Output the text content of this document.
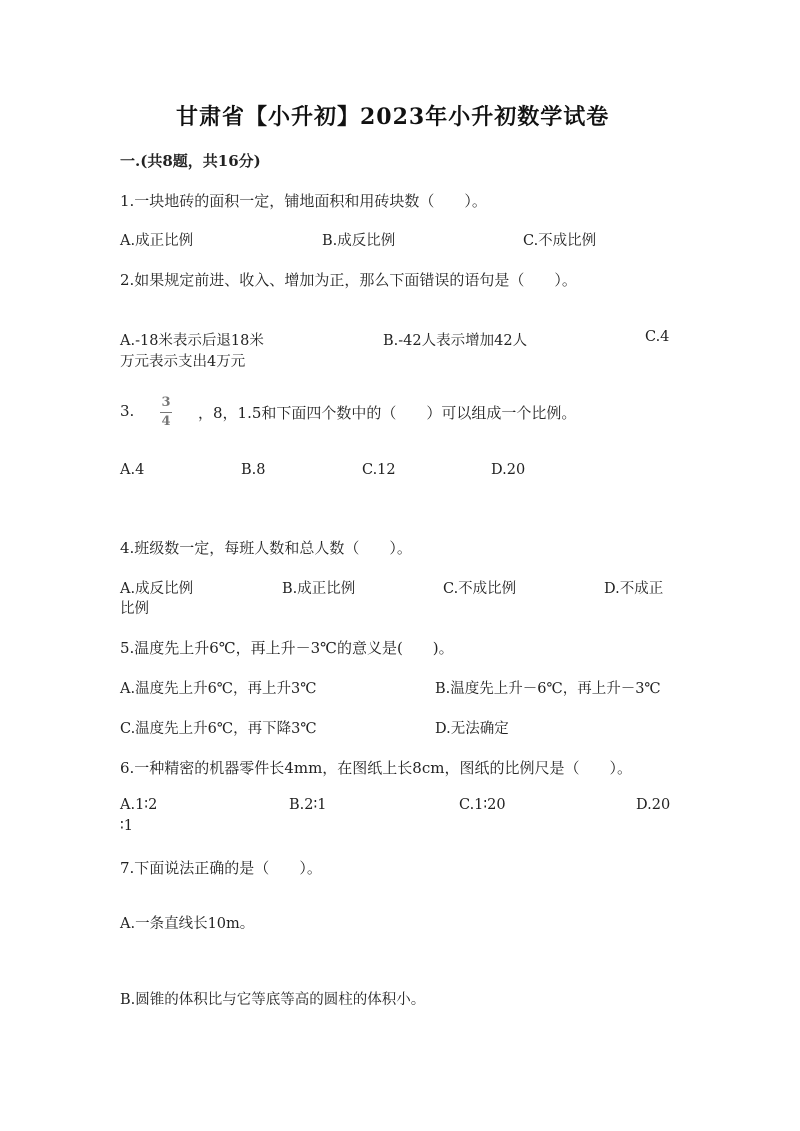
甘肃省【小升初】2023年小升初数学试卷
一.(共8题，共16分)
1.一块地砖的面积一定，铺地面积和用砖块数（　　）。
A.成正比例	B.成反比例	C.不成比例
2.如果规定前进、收入、增加为正，那么下面错误的语句是（　　）。
A.-18米表示后退18米	B.-42人表示增加42人	C.4
万元表示支出4万元
3. 3
4 ，8，1.5和下面四个数中的（　　）可以组成一个比例。
A.4	B.8	C.12	D.20
4.班级数一定，每班人数和总人数（　　）。
A.成反比例	B.成正比例	C.不成比例	D.不成正
比例
5.温度先上升6℃，再上升－3℃的意义是(　　)。
A.温度先上升6℃，再上升3℃	B.温度先上升－6℃，再上升－3℃
C.温度先上升6℃，再下降3℃	D.无法确定
6.一种精密的机器零件长4mm，在图纸上长8cm，图纸的比例尺是（　　）。
A.1∶2	B.2∶1	C.1∶20	D.20
∶1
7.下面说法正确的是（　　）。
A.一条直线长10m。
B.圆锥的体积比与它等底等高的圆柱的体积小。
